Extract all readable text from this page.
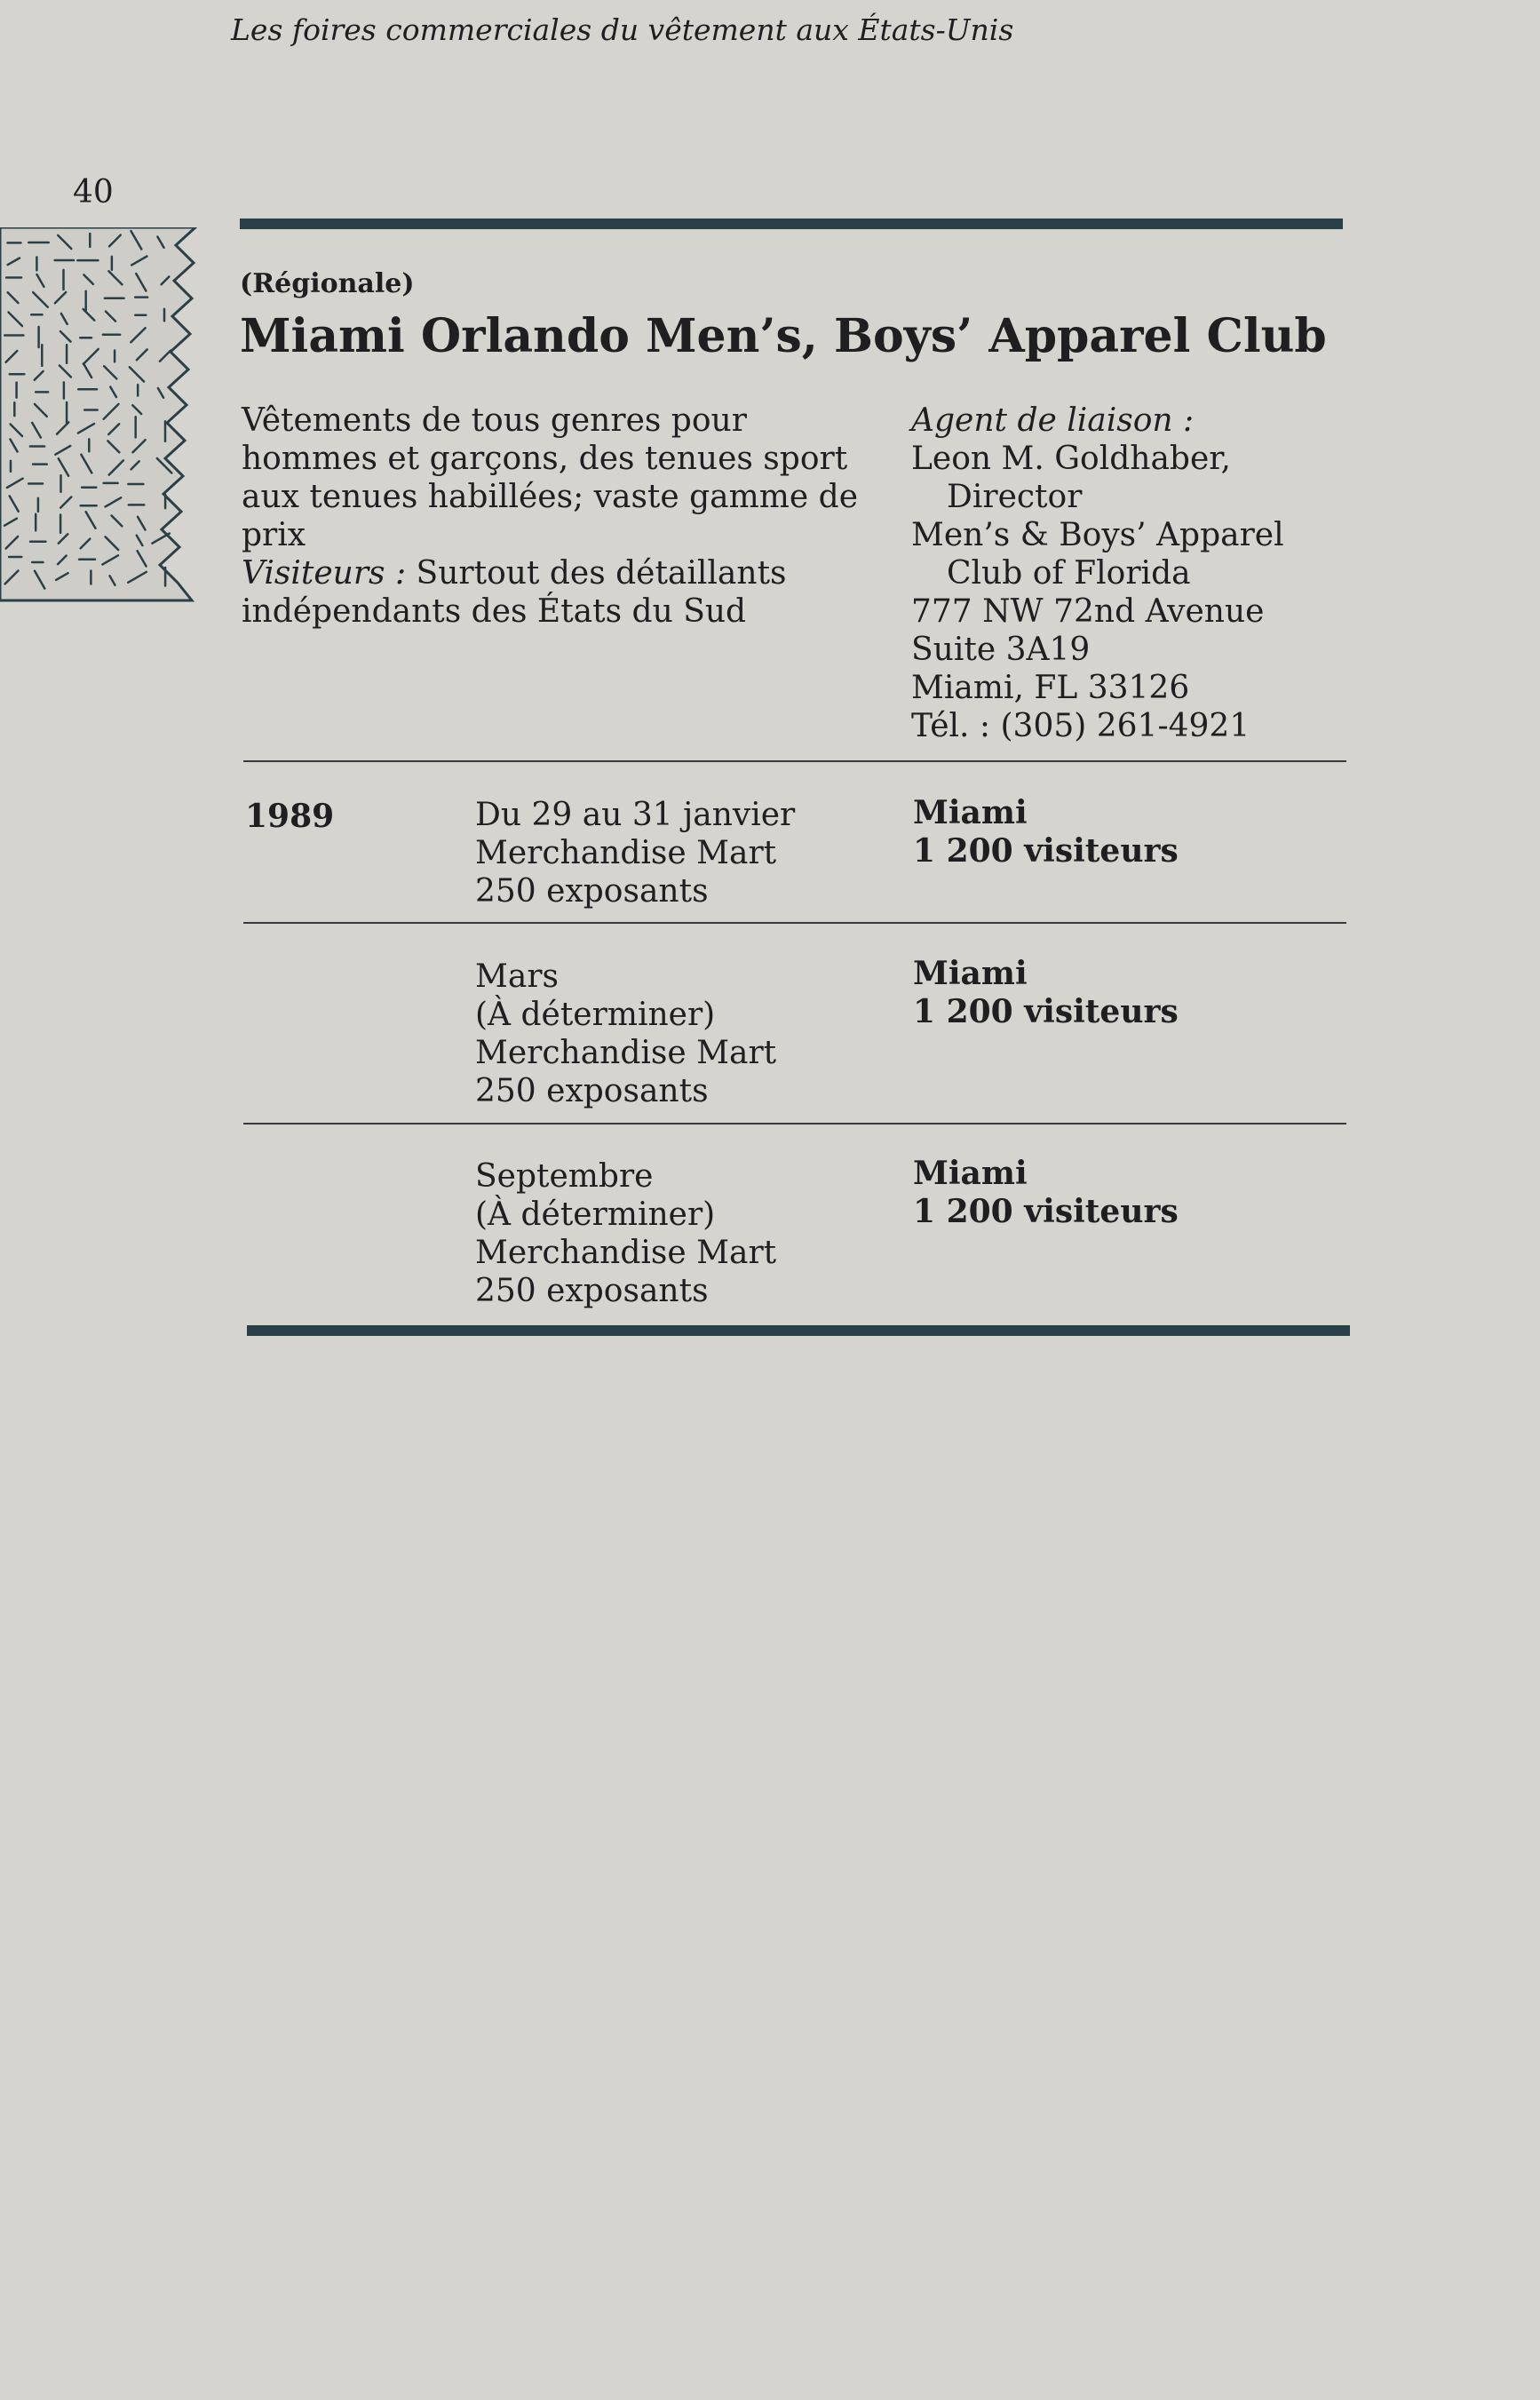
Les foires commerciales du vêtement aux États-Unis
40
(Régionale)
Miami Orlando Men’s, Boys’ Apparel Club
Vêtements de tous genres pour
hommes et garçons, des tenues sport
aux tenues habillées; vaste gamme de
prix
Visiteurs : Surtout des détaillants
indépendants des États du Sud
Agent de liaison :
Leon M. Goldhaber,
Director
Men’s & Boys’ Apparel
Club of Florida
777 NW 72nd Avenue
Suite 3A19
Miami, FL 33126
Tél. : (305) 261-4921
1989	Du 29 au 31 janvier
Merchandise Mart
250 exposants
Miami
1 200 visiteurs
Mars
(À déterminer)
Merchandise Mart
250 exposants
Miami
1 200 visiteurs
Septembre
(À déterminer)
Merchandise Mart
250 exposants
Miami
1 200 visiteurs
